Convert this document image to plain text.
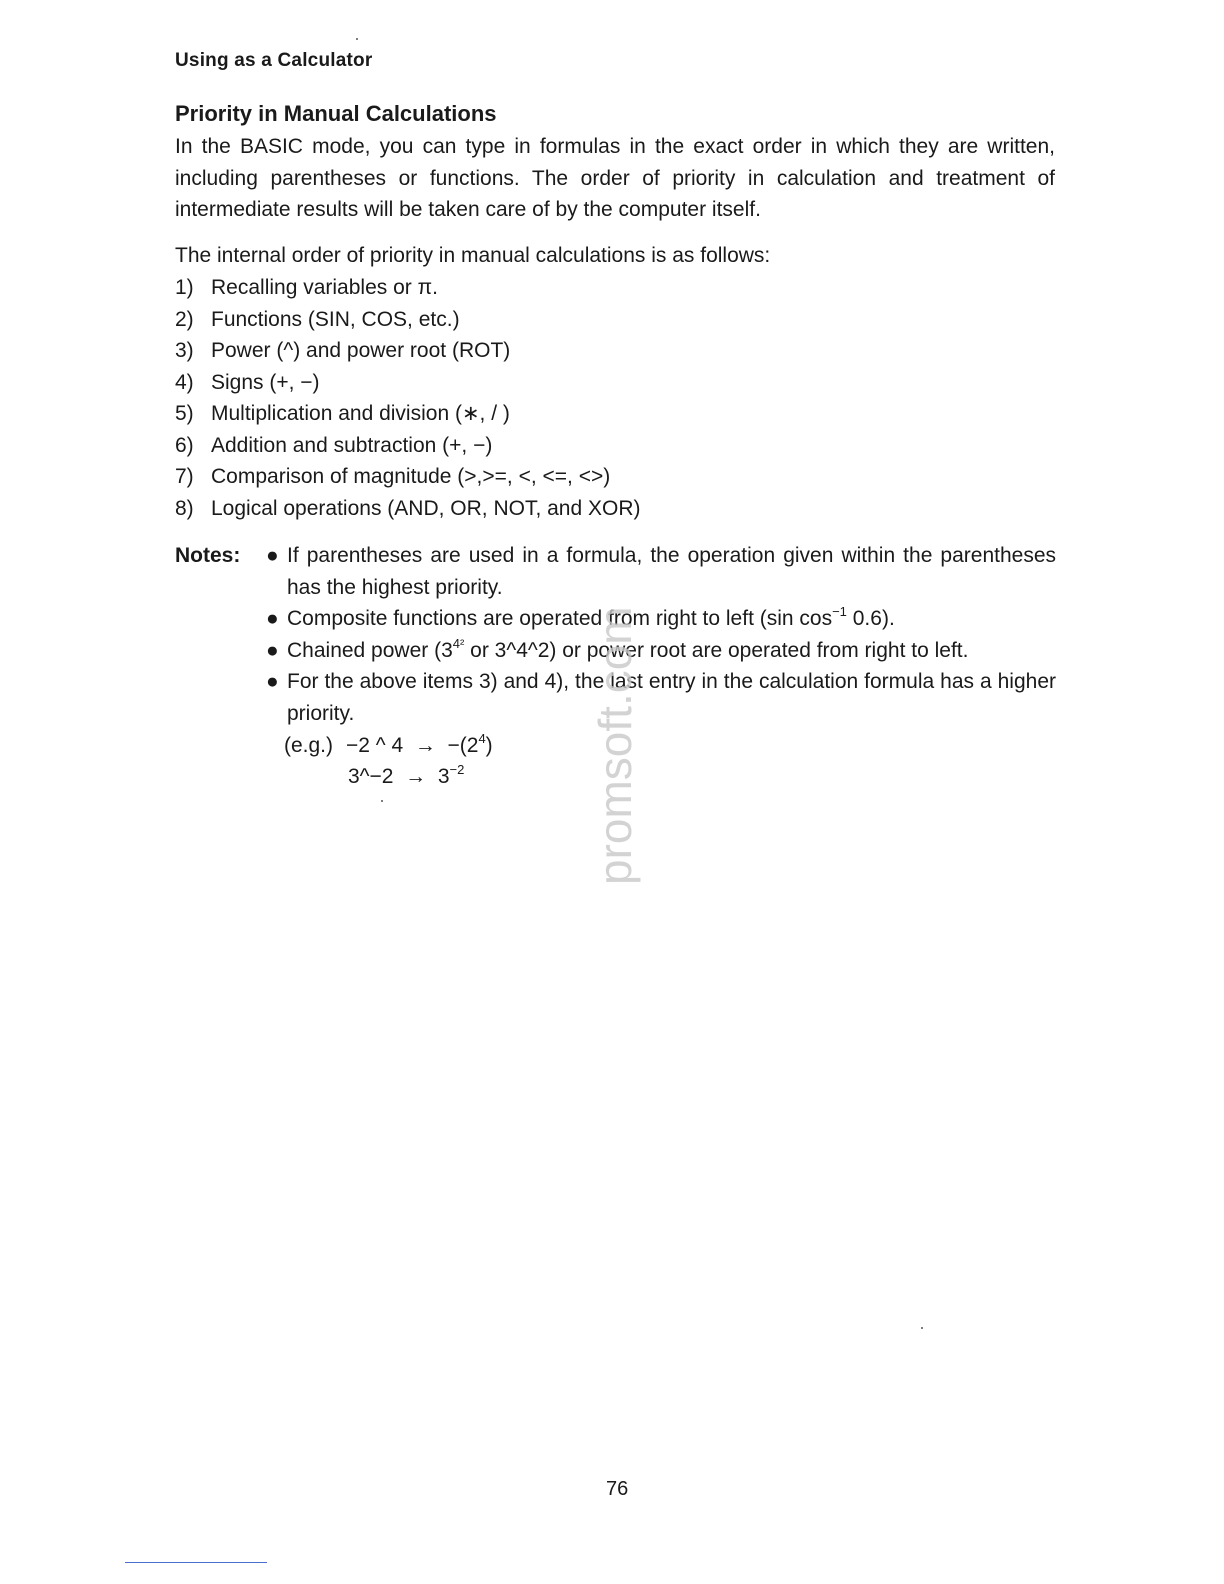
Using as a Calculator
Priority in Manual Calculations
In the BASIC mode, you can type in formulas in the exact order in which they are written, including parentheses or functions. The order of priority in calculation and treatment of intermediate results will be taken care of by the computer itself.
The internal order of priority in manual calculations is as follows:
1) Recalling variables or π.
2) Functions (SIN, COS, etc.)
3) Power (^) and power root (ROT)
4) Signs (+, −)
5) Multiplication and division (∗, / )
6) Addition and subtraction (+, −)
7) Comparison of magnitude (>,>=, <, <=, <>)
8) Logical operations (AND, OR, NOT, and XOR)
Notes: ● If parentheses are used in a formula, the operation given within the parentheses has the highest priority.
● Composite functions are operated from right to left (sin $\cos^{-1} 0.6$).
● Chained power ($3^{4^2}$ or 3^4^2) or power root are operated from right to left.
● For the above items 3) and 4), the last entry in the calculation formula has a higher priority.
(e.g.) −2 ^ $4 \to -(2^4)$
3^−2 → $3^{-2}$	promsoft.com
76
